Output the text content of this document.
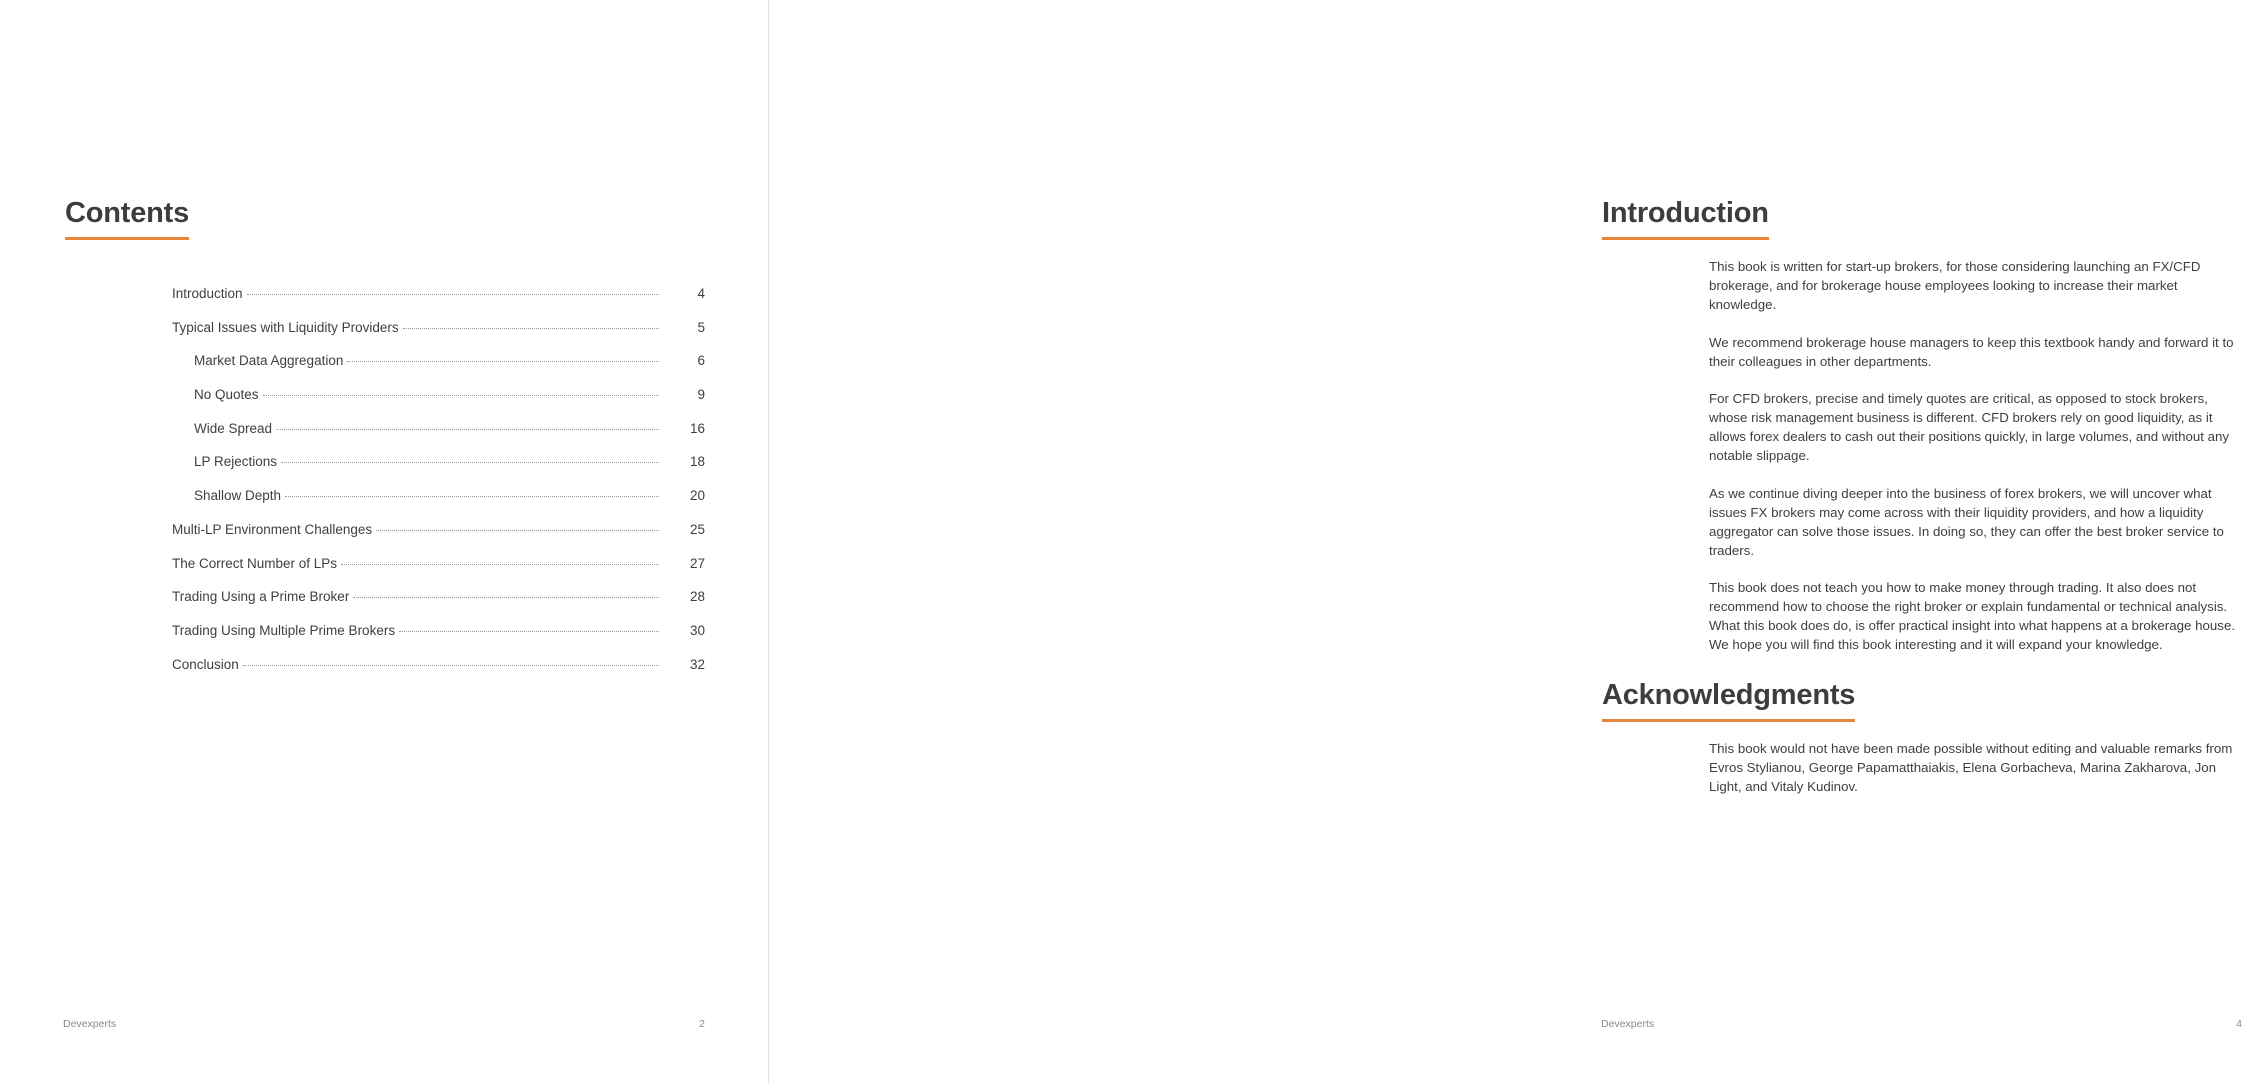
Contents
Introduction	4
Typical Issues with Liquidity Providers	5
Market Data Aggregation	6
No Quotes	9
Wide Spread	16
LP Rejections	18
Shallow Depth	20
Multi-LP Environment Challenges	25
The Correct Number of LPs	27
Trading Using a Prime Broker	28
Trading Using Multiple Prime Brokers	30
Conclusion	32
Devexperts	2
Introduction

This book is written for start-up brokers, for those considering launching an FX/CFD brokerage, and for brokerage house employees looking to increase their market knowledge.

We recommend brokerage house managers to keep this textbook handy and forward it to their colleagues in other departments.

For CFD brokers, precise and timely quotes are critical, as opposed to stock brokers, whose risk management business is different. CFD brokers rely on good liquidity, as it allows forex dealers to cash out their positions quickly, in large volumes, and without any notable slippage.

As we continue diving deeper into the business of forex brokers, we will uncover what issues FX brokers may come across with their liquidity providers, and how a liquidity aggregator can solve those issues. In doing so, they can offer the best broker service to traders.

This book does not teach you how to make money through trading. It also does not recommend how to choose the right broker or explain fundamental or technical analysis. What this book does do, is offer practical insight into what happens at a brokerage house. We hope you will find this book interesting and it will expand your knowledge.

Acknowledgments

This book would not have been made possible without editing and valuable remarks from Evros Stylianou, George Papamatthaiakis, Elena Gorbacheva, Marina Zakharova, Jon Light, and Vitaly Kudinov.

Devexperts	4
